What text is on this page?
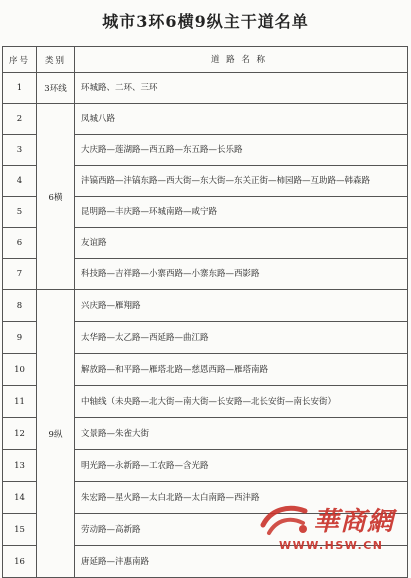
城市3环6横9纵主干道名单
序号	类别	道 路 名 称
1	3环线	环城路、二环、三环
2	6横	凤城八路
3		大庆路—莲湖路—西五路—东五路—长乐路
4		沣镐西路—沣镐东路—西大街—东大街—东关正街—柿园路—互助路—韩森路
5		昆明路—丰庆路—环城南路—咸宁路
6		友谊路
7		科技路—吉祥路—小寨西路—小寨东路—西影路
8	9纵	兴庆路—雁翔路
9		太华路—太乙路—西延路—曲江路
10		解放路—和平路—雁塔北路—慈恩西路—雁塔南路
11		中轴线（未央路—北大街—南大街—长安路—北长安街—南长安街）
12		文景路—朱雀大街
13		明光路—永新路—工农路—含光路
14		朱宏路—星火路—太白北路—太白南路—西沣路
15		劳动路—高新路
16		唐延路—沣惠南路
華商網
WWW.HSW.CN
